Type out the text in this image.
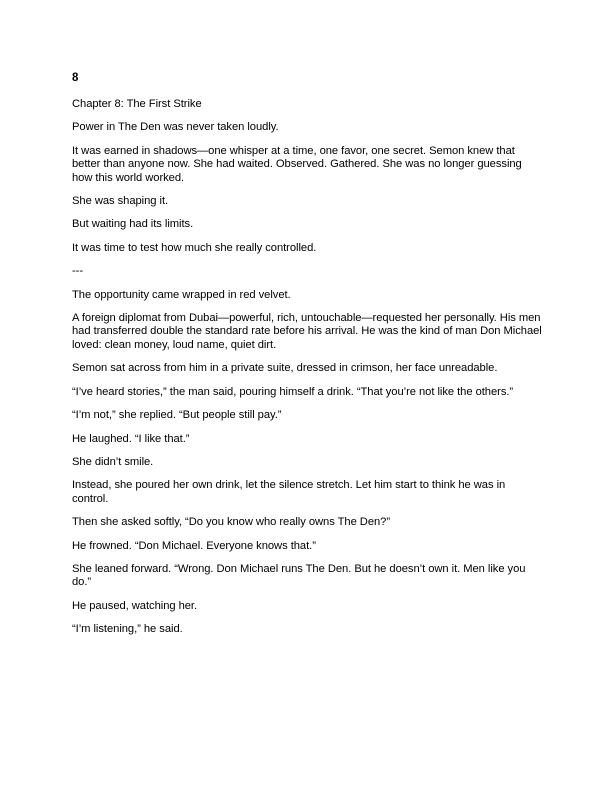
8

Chapter 8: The First Strike

Power in The Den was never taken loudly.

It was earned in shadows—one whisper at a time, one favor, one secret. Semon knew that better than anyone now. She had waited. Observed. Gathered. She was no longer guessing how this world worked.

She was shaping it.

But waiting had its limits.

It was time to test how much she really controlled.

---

The opportunity came wrapped in red velvet.

A foreign diplomat from Dubai—powerful, rich, untouchable—requested her personally. His men had transferred double the standard rate before his arrival. He was the kind of man Don Michael loved: clean money, loud name, quiet dirt.

Semon sat across from him in a private suite, dressed in crimson, her face unreadable.

“I’ve heard stories,” the man said, pouring himself a drink. “That you’re not like the others.”

“I’m not,” she replied. “But people still pay.”

He laughed. “I like that.”

She didn’t smile.

Instead, she poured her own drink, let the silence stretch. Let him start to think he was in control.

Then she asked softly, “Do you know who really owns The Den?”

He frowned. “Don Michael. Everyone knows that.”

She leaned forward. “Wrong. Don Michael runs The Den. But he doesn’t own it. Men like you do.”

He paused, watching her.

“I’m listening,” he said.
